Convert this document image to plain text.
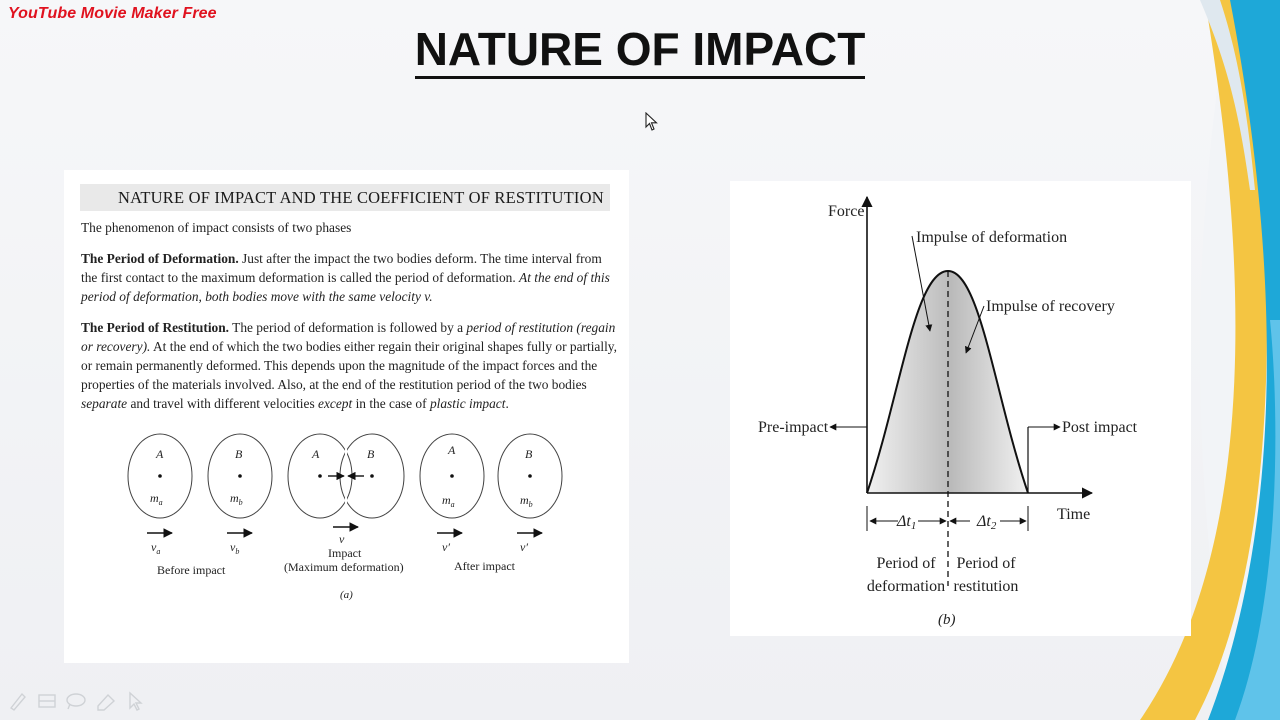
YouTube Movie Maker Free
NATURE OF IMPACT
NATURE OF IMPACT AND THE COEFFICIENT OF RESTITUTION
The phenomenon of impact consists of two phases
The Period of Deformation. Just after the impact the two bodies deform. The time interval from the first contact to the maximum deformation is called the period of deformation. At the end of this period of deformation, both bodies move with the same velocity v.
The Period of Restitution. The period of deformation is followed by a period of restitution (regain or recovery). At the end of which the two bodies either regain their original shapes fully or partially, or remain permanently deformed. This depends upon the magnitude of the impact forces and the properties of the materials involved. Also, at the end of the restitution period of the two bodies separate and travel with different velocities except in the case of plastic impact.
A
$m_a$
B
$m_b$
$v_a$	$v_b$
Before impact
A	B
v
Impact
(Maximum deformation)
A
$m_a$
B
$m_b$
v′	v′
After impact
(a)
Force
Time
Impulse of deformation
Impulse of recovery
Pre-impact	Post impact
Δt1	Δt2
Period of
deformation
Period of
restitution
(b)
